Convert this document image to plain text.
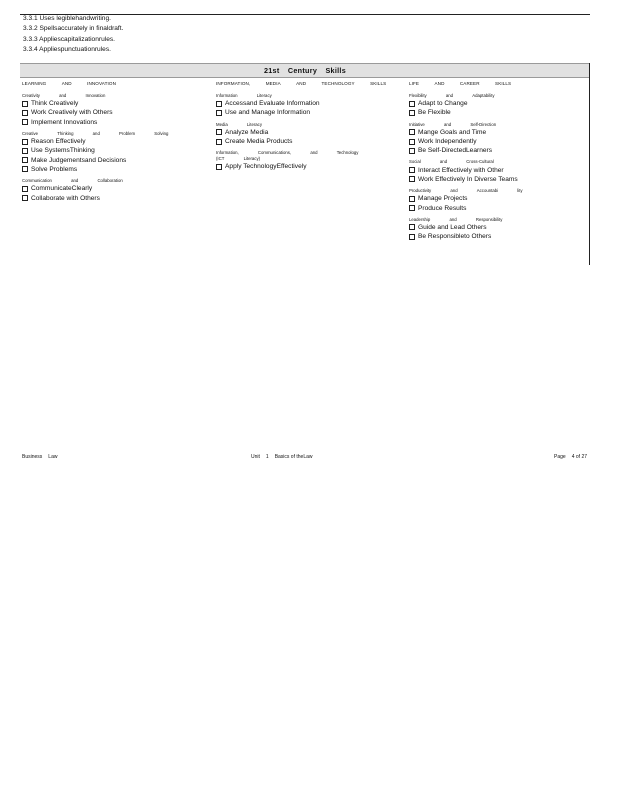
3.3.1 Uses legiblehandwriting.
3.3.2 Spellsaccurately in finaldraft.
3.3.3 Appliescapitalizationrules.
3.3.4 Appliespunctuationrules.
21st Century Skills
LEARNING	AND	INNOVATION
Creativity	and	Innovation
Think Creatively
Work Creatively with Others
Implement Innovations
Creative	Thinking	and	Problem	Solving
Reason Effectively
Use SystemsThinking
Make Judgementsand Decisions
Solve Problems
Communication	and	Collaboration
CommunicateClearly
Collaborate with Others
INFORMATION,	MEDIA	AND	TECHNOLOGY	SKILLS
Information	Literacy
Accessand Evaluate Information
Use and Manage Information
Media	Literacy
Analyze Media
Create Media Products
Information,	Communications,	and	Technology
(ICT	Literacy)
Apply TechnologyEffectively
LIFE	AND	CAREER	SKILLS
Flexibility	and	Adaptability
Adapt to Change
Be Flexible
Initiative	and	Self-Direction
Mange Goals and Time
Work Independently
Be Self-DirectedLearners
Social	and	Cross-Cultural
Interact Effectively with Other
Work Effectively In Diverse Teams
Productivity	and	Accountabi	lity
Manage Projects
Produce Results
Leadership	and	Responsibility
Guide and Lead Others
Be Responsibleto Others
Business Law	Unit 1 Basics of theLaw	Page 4 of 27
